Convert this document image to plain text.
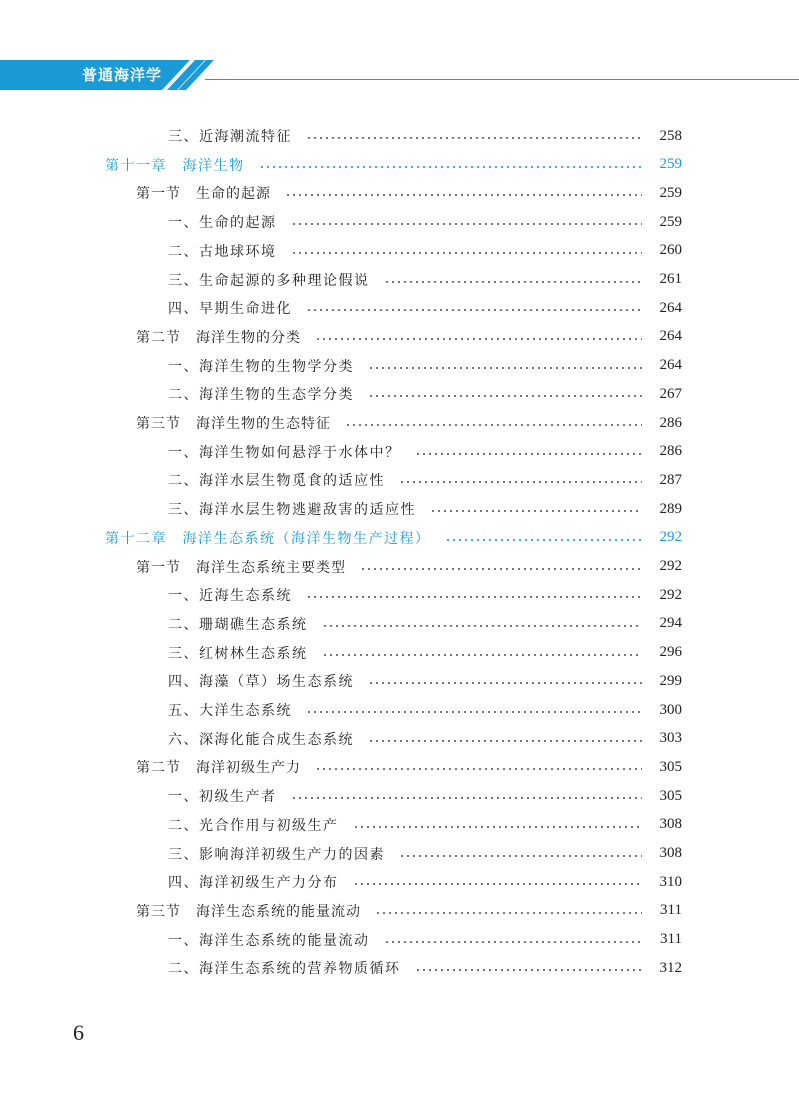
普通海洋学
三、近海潮流特征	258
第十一章　海洋生物	259
第一节　生命的起源	259
一、生命的起源	259
二、古地球环境	260
三、生命起源的多种理论假说	261
四、早期生命进化	264
第二节　海洋生物的分类	264
一、海洋生物的生物学分类	264
二、海洋生物的生态学分类	267
第三节　海洋生物的生态特征	286
一、海洋生物如何悬浮于水体中？	286
二、海洋水层生物觅食的适应性	287
三、海洋水层生物逃避敌害的适应性	289
第十二章　海洋生态系统（海洋生物生产过程）	292
第一节　海洋生态系统主要类型	292
一、近海生态系统	292
二、珊瑚礁生态系统	294
三、红树林生态系统	296
四、海藻（草）场生态系统	299
五、大洋生态系统	300
六、深海化能合成生态系统	303
第二节　海洋初级生产力	305
一、初级生产者	305
二、光合作用与初级生产	308
三、影响海洋初级生产力的因素	308
四、海洋初级生产力分布	310
第三节　海洋生态系统的能量流动	311
一、海洋生态系统的能量流动	311
二、海洋生态系统的营养物质循环	312
6
